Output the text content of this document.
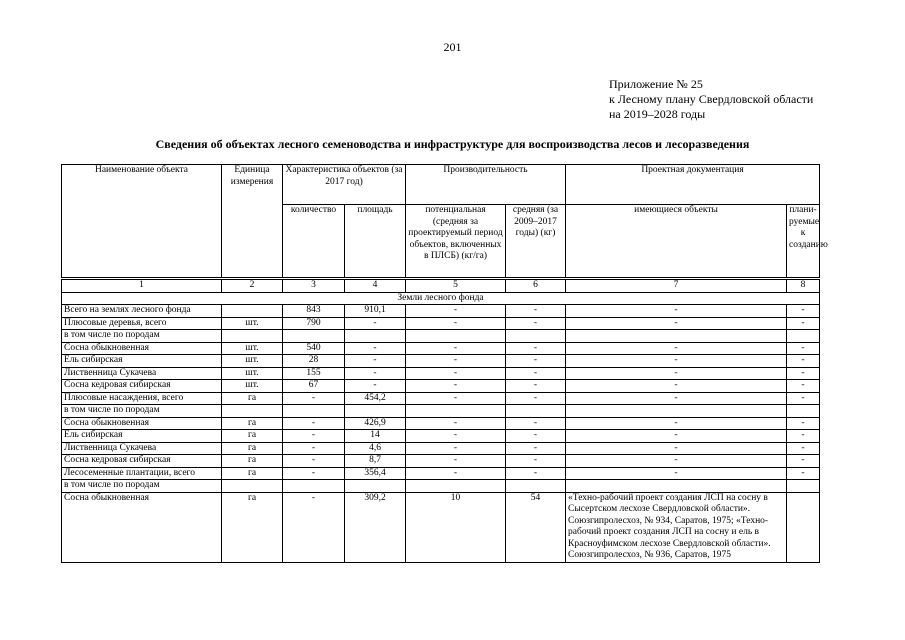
201
Приложение № 25
к Лесному плану Свердловской области
на 2019–2028 годы
Сведения об объектах лесного семеноводства и инфраструктуре для воспроизводства лесов и лесоразведения
Наименование объекта	Единица измерения	Характеристика объектов (за 2017 год)		Производительность		Проектная документация	
		количество	площадь	потенциальная (средняя за проектируемый период объектов, включенных в ПЛСБ) (кг/га)	средняя (за 2009–2017 годы) (кг)	имеющиеся объекты	плани-руемые к созданию
1	2	3	4	5	6	7	8
Земли лесного фонда							
Всего на землях лесного фонда		843	910,1	-	-	-	-
Плюсовые деревья, всего	шт.	790	-	-	-	-	-
в том числе по породам							
Сосна обыкновенная	шт.	540	-	-	-	-	-
Ель сибирская	шт.	28	-	-	-	-	-
Лиственница Сукачева	шт.	155	-	-	-	-	-
Сосна кедровая сибирская	шт.	67	-	-	-	-	-
Плюсовые насаждения, всего	га	-	454,2	-	-	-	-
в том числе по породам							
Сосна обыкновенная	га	-	426,9	-	-	-	-
Ель сибирская	га	-	14	-	-	-	-
Лиственница Сукачева	га	-	4,6	-	-	-	-
Сосна кедровая сибирская	га	-	8,7	-	-	-	-
Лесосеменные плантации, всего	га	-	356,4	-	-	-	-
в том числе по породам							
Сосна обыкновенная	га	-	309,2	10	54	«Техно-рабочий проект создания ЛСП на сосну в Сысертском лесхозе Свердловской области». Союзгипролесхоз, № 934, Саратов, 1975; «Техно-рабочий проект создания ЛСП на сосну и ель в Красноуфимском лесхозе Свердловской области». Союзгипролесхоз, № 936, Саратов, 1975	
